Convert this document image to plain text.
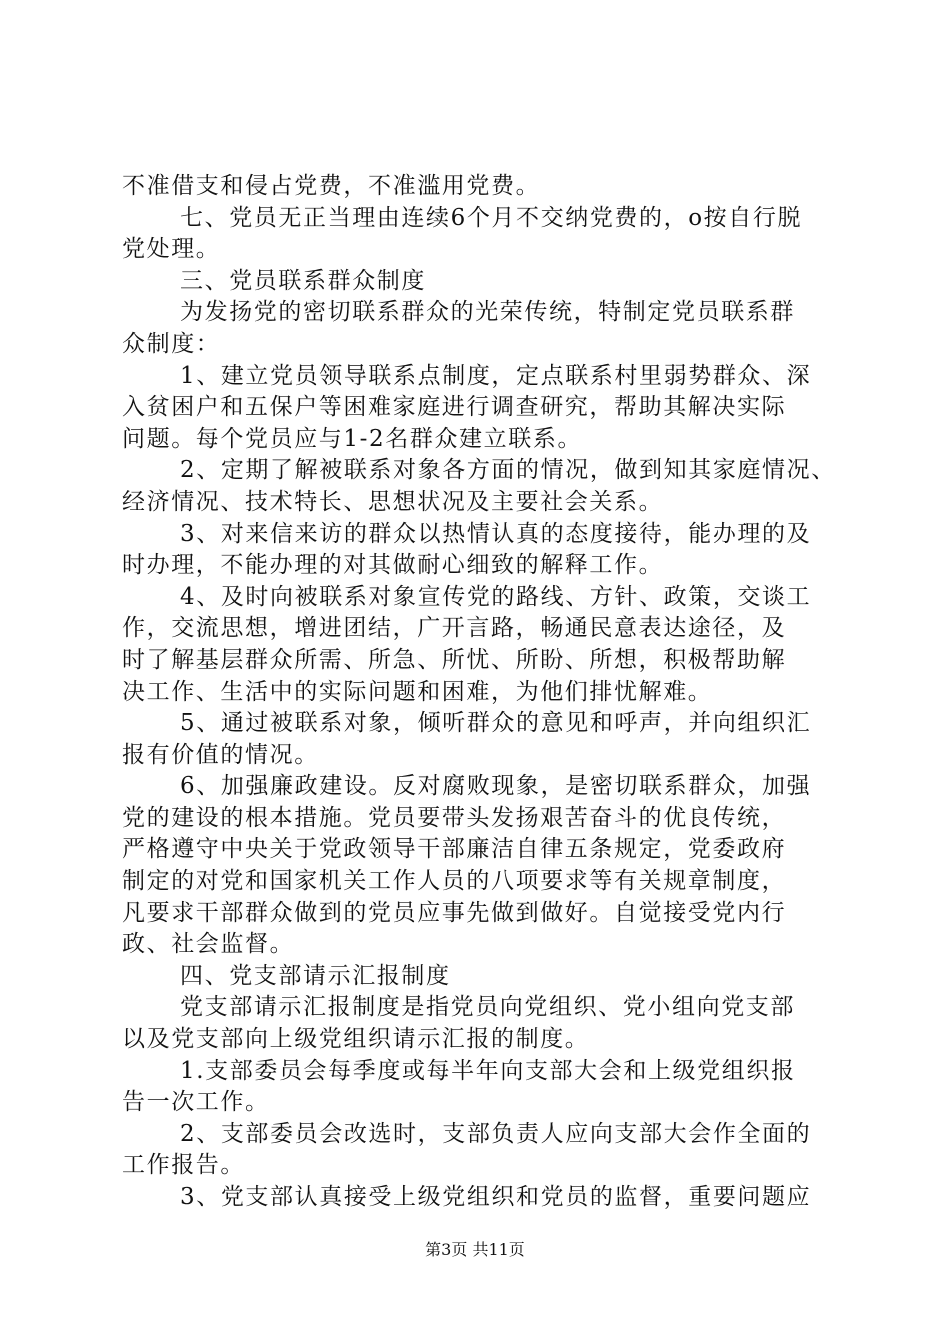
不准借支和侵占党费，不准滥用党费。
七、党员无正当理由连续6个月不交纳党费的，o按自行脱
党处理。
三、党员联系群众制度
为发扬党的密切联系群众的光荣传统，特制定党员联系群
众制度：
1、建立党员领导联系点制度，定点联系村里弱势群众、深
入贫困户和五保户等困难家庭进行调查研究，帮助其解决实际
问题。每个党员应与1-2名群众建立联系。
2、定期了解被联系对象各方面的情况，做到知其家庭情况、
经济情况、技术特长、思想状况及主要社会关系。
3、对来信来访的群众以热情认真的态度接待，能办理的及
时办理，不能办理的对其做耐心细致的解释工作。
4、及时向被联系对象宣传党的路线、方针、政策，交谈工
作，交流思想，增进团结，广开言路，畅通民意表达途径，及
时了解基层群众所需、所急、所忧、所盼、所想，积极帮助解
决工作、生活中的实际问题和困难，为他们排忧解难。
5、通过被联系对象，倾听群众的意见和呼声，并向组织汇
报有价值的情况。
6、加强廉政建设。反对腐败现象，是密切联系群众，加强
党的建设的根本措施。党员要带头发扬艰苦奋斗的优良传统，
严格遵守中央关于党政领导干部廉洁自律五条规定，党委政府
制定的对党和国家机关工作人员的八项要求等有关规章制度，
凡要求干部群众做到的党员应事先做到做好。自觉接受党内行
政、社会监督。
四、党支部请示汇报制度
党支部请示汇报制度是指党员向党组织、党小组向党支部
以及党支部向上级党组织请示汇报的制度。
1.支部委员会每季度或每半年向支部大会和上级党组织报
告一次工作。
2、支部委员会改选时，支部负责人应向支部大会作全面的
工作报告。
3、党支部认真接受上级党组织和党员的监督，重要问题应
第3页 共11页
